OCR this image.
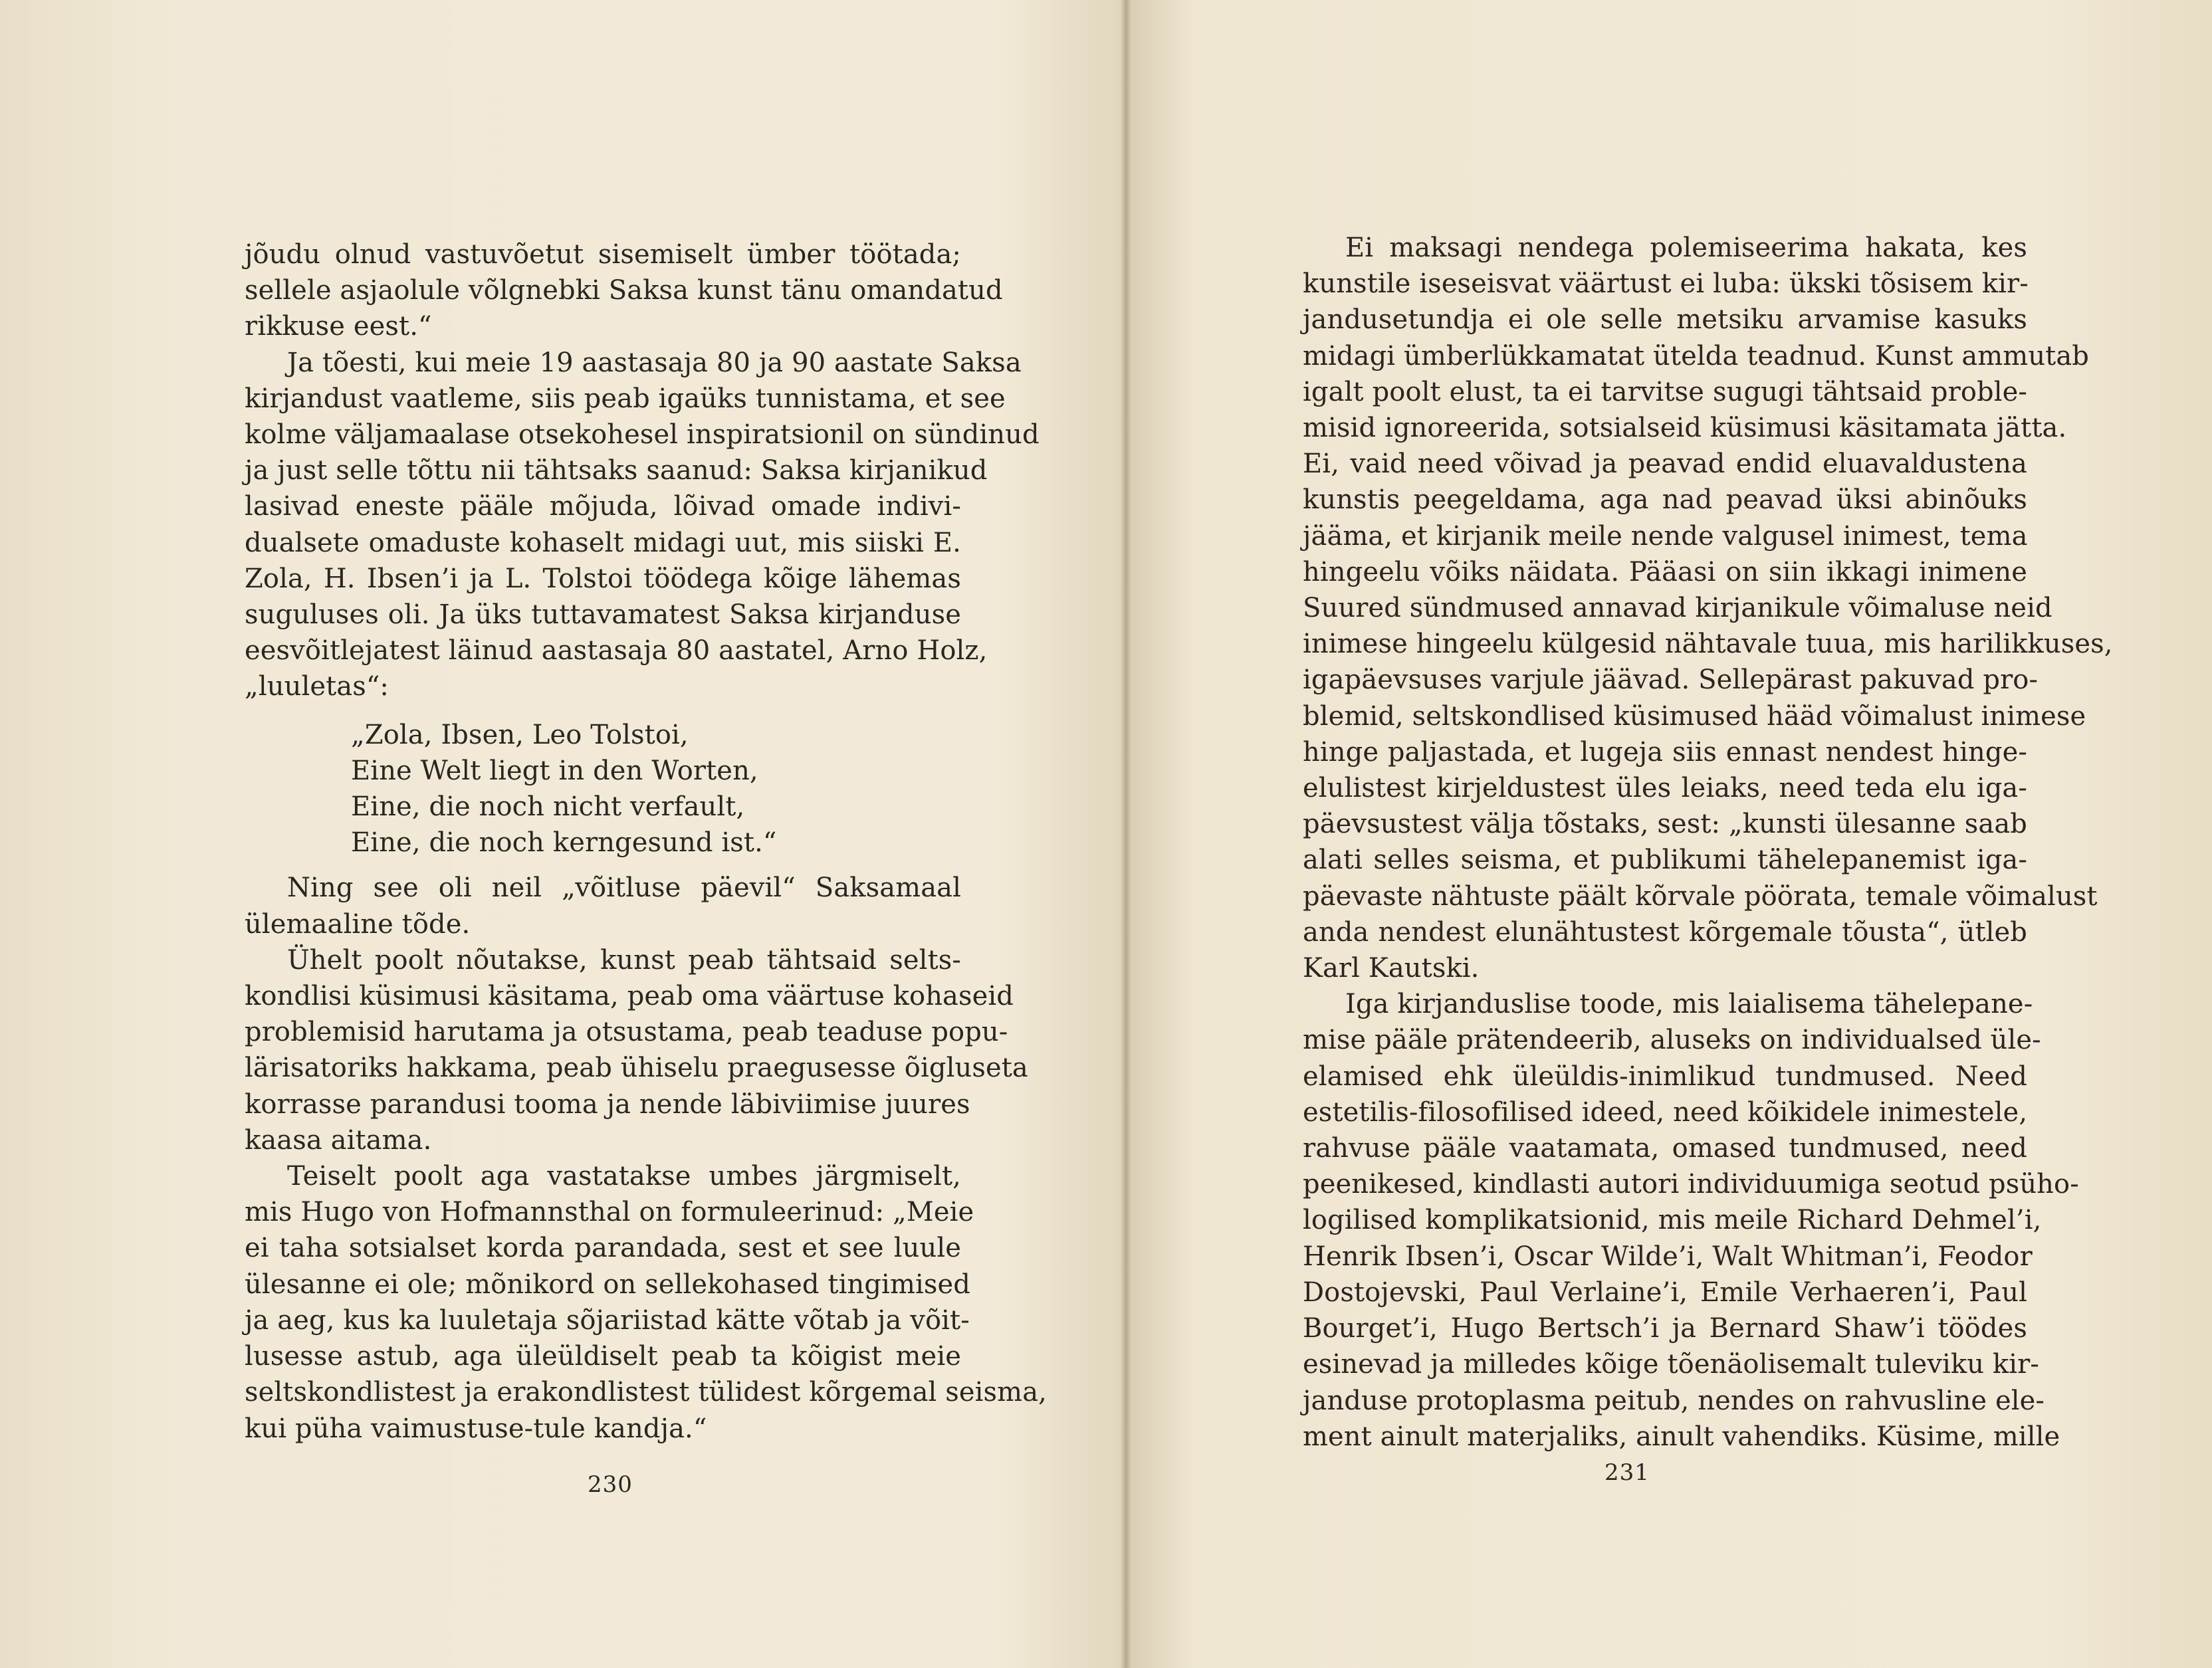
jõudu olnud vastuvõetut sisemiselt ümber töötada;
sellele asjaolule võlgnebki Saksa kunst tänu omandatud
rikkuse eest.“
Ja tõesti, kui meie 19 aastasaja 80 ja 90 aastate Saksa
kirjandust vaatleme, siis peab igaüks tunnistama, et see
kolme väljamaalase otsekohesel inspiratsionil on sündinud
ja just selle tõttu nii tähtsaks saanud: Saksa kirjanikud
lasivad eneste pääle mõjuda, lõivad omade indivi-
dualsete omaduste kohaselt midagi uut, mis siiski E.
Zola, H. Ibsen’i ja L. Tolstoi töödega kõige lähemas
suguluses oli. Ja üks tuttavamatest Saksa kirjanduse
eesvõitlejatest läinud aastasaja 80 aastatel, Arno Holz,
„luuletas“:
„Zola, Ibsen, Leo Tolstoi,
Eine Welt liegt in den Worten,
Eine, die noch nicht verfault,
Eine, die noch kerngesund ist.“
Ning see oli neil „võitluse päevil“ Saksamaal
ülemaaline tõde.
Ühelt poolt nõutakse, kunst peab tähtsaid selts-
kondlisi küsimusi käsitama, peab oma väärtuse kohaseid
problemisid harutama ja otsustama, peab teaduse popu-
lärisatoriks hakkama, peab ühiselu praegusesse õigluseta
korrasse parandusi tooma ja nende läbiviimise juures
kaasa aitama.
Teiselt poolt aga vastatakse umbes järgmiselt,
mis Hugo von Hofmannsthal on formuleerinud: „Meie
ei taha sotsialset korda parandada, sest et see luule
ülesanne ei ole; mõnikord on sellekohased tingimised
ja aeg, kus ka luuletaja sõjariistad kätte võtab ja võit-
lusesse astub, aga üleüldiselt peab ta kõigist meie
seltskondlistest ja erakondlistest tülidest kõrgemal seisma,
kui püha vaimustuse-tule kandja.“
230
Ei maksagi nendega polemiseerima hakata, kes
kunstile iseseisvat väärtust ei luba: ükski tõsisem kir-
jandusetundja ei ole selle metsiku arvamise kasuks
midagi ümberlükkamatat ütelda teadnud. Kunst ammutab
igalt poolt elust, ta ei tarvitse sugugi tähtsaid proble-
misid ignoreerida, sotsialseid küsimusi käsitamata jätta.
Ei, vaid need võivad ja peavad endid eluavaldustena
kunstis peegeldama, aga nad peavad üksi abinõuks
jääma, et kirjanik meile nende valgusel inimest, tema
hingeelu võiks näidata. Pääasi on siin ikkagi inimene
Suured sündmused annavad kirjanikule võimaluse neid
inimese hingeelu külgesid nähtavale tuua, mis harilikkuses,
igapäevsuses varjule jäävad. Sellepärast pakuvad pro-
blemid, seltskondlised küsimused hääd võimalust inimese
hinge paljastada, et lugeja siis ennast nendest hinge-
elulistest kirjeldustest üles leiaks, need teda elu iga-
päevsustest välja tõstaks, sest: „kunsti ülesanne saab
alati selles seisma, et publikumi tähelepanemist iga-
päevaste nähtuste päält kõrvale pöörata, temale võimalust
anda nendest elunähtustest kõrgemale tõusta“, ütleb
Karl Kautski.
Iga kirjanduslise toode, mis laialisema tähelepane-
mise pääle prätendeerib, aluseks on individualsed üle-
elamised ehk üleüldis-inimlikud tundmused. Need
estetilis-filosofilised ideed, need kõikidele inimestele,
rahvuse pääle vaatamata, omased tundmused, need
peenikesed, kindlasti autori individuumiga seotud psüho-
logilised komplikatsionid, mis meile Richard Dehmel’i,
Henrik Ibsen’i, Oscar Wilde’i, Walt Whitman’i, Feodor
Dostojevski, Paul Verlaine’i, Emile Verhaeren’i, Paul
Bourget’i, Hugo Bertsch’i ja Bernard Shaw’i töödes
esinevad ja milledes kõige tõenäolisemalt tuleviku kir-
janduse protoplasma peitub, nendes on rahvusline ele-
ment ainult materjaliks, ainult vahendiks. Küsime, mille
231
